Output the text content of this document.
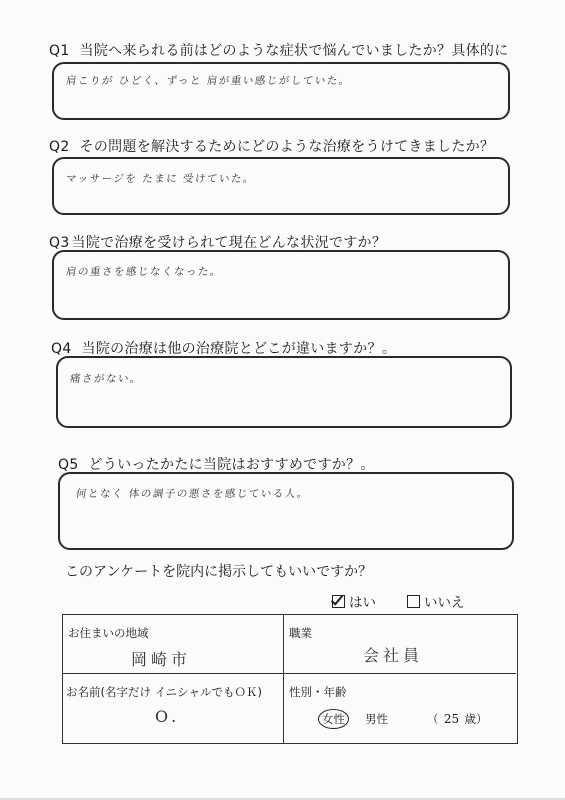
Q1 当院へ来られる前はどのような症状で悩んでいましたか？具体的に
肩こりが ひどく、ずっと 肩が重い感じがしていた。
Q2 その問題を解決するためにどのような治療をうけてきましたか？
マッサージを たまに 受けていた。
Q3 当院で治療を受けられて現在どんな状況ですか？
肩の重さを感じなくなった。
Q4 当院の治療は他の治療院とどこが違いますか？。
痛さがない。
Q5 どういったかたに当院はおすすめですか？。
何となく 体の調子の悪さを感じている人。
このアンケートを院内に掲示してもいいですか？
はい	いいえ
お住まいの地域
岡崎市
職業
会社員
お名前(名字だけ イニシャルでもＯＫ)
O.
性別・年齢
女性	男性	（ 25 歳）
